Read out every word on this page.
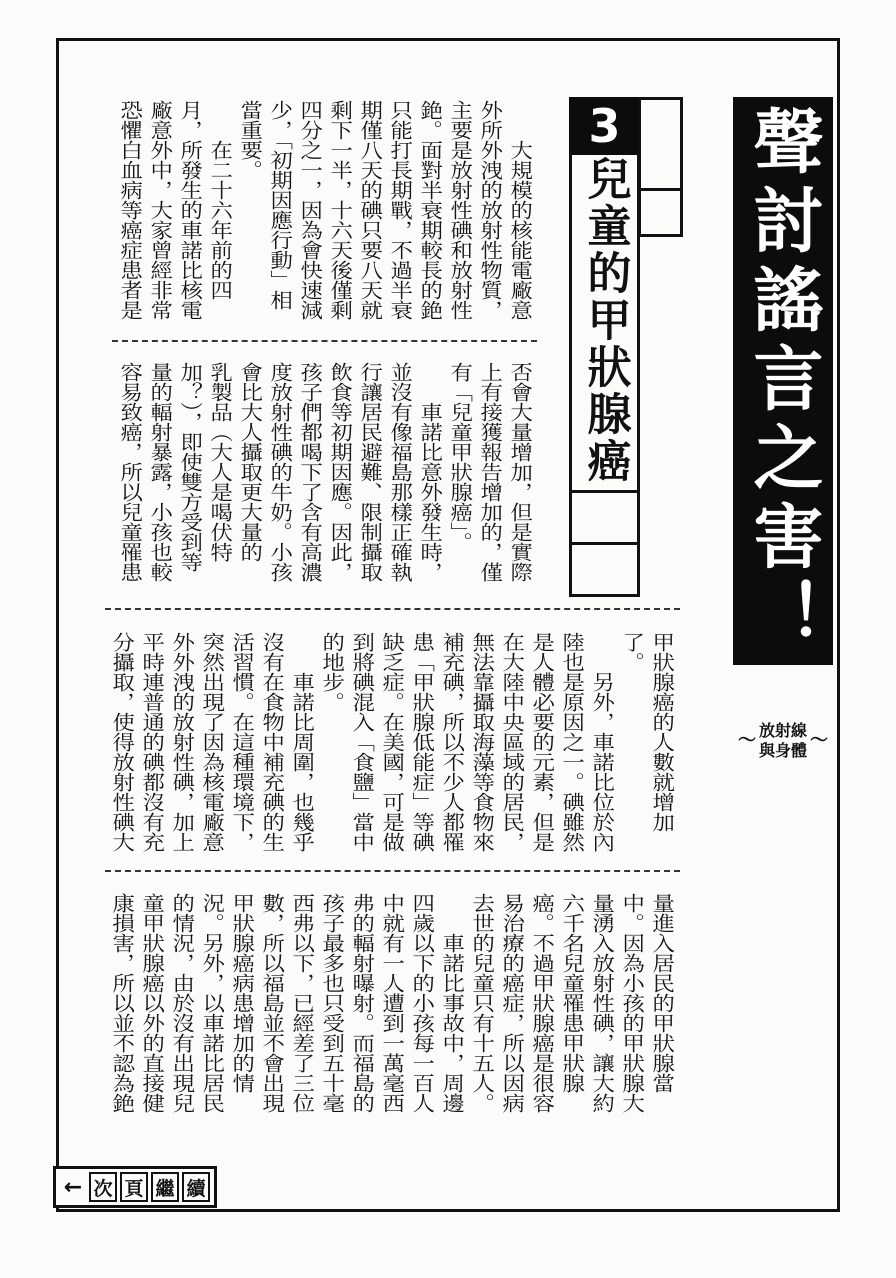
聲討謠言之害！
～ 放射線
與身體 ～
3
兒童的甲狀腺癌
大規模的核能電廠意
外所外洩的放射性物質，
主要是放射性碘和放射性
銫。面對半衰期較長的銫
只能打長期戰，不過半衰
期僅八天的碘只要八天就
剩下一半，十六天後僅剩
四分之一，因為會快速減
少，「初期因應行動」相
當重要。
在二十六年前的四
月，所發生的車諾比核電
廠意外中，大家曾經非常
恐懼白血病等癌症患者是
否會大量增加，但是實際
上有接獲報告增加的，僅
有「兒童甲狀腺癌」。
車諾比意外發生時，
並沒有像福島那樣正確執
行讓居民避難、限制攝取
飲食等初期因應。因此，
孩子們都喝下了含有高濃
度放射性碘的牛奶。小孩
會比大人攝取更大量的
乳製品（大人是喝伏特
加？），即使雙方受到等
量的輻射暴露，小孩也較
容易致癌，所以兒童罹患
甲狀腺癌的人數就增加
了。
另外，車諾比位於內
陸也是原因之一。碘雖然
是人體必要的元素，但是
在大陸中央區域的居民，
無法靠攝取海藻等食物來
補充碘，所以不少人都罹
患「甲狀腺低能症」等碘
缺乏症。在美國，可是做
到將碘混入「食鹽」當中
的地步。
車諾比周圍，也幾乎
沒有在食物中補充碘的生
活習慣。在這種環境下，
突然出現了因為核電廠意
外外洩的放射性碘，加上
平時連普通的碘都沒有充
分攝取，使得放射性碘大
量進入居民的甲狀腺當
中。因為小孩的甲狀腺大
量湧入放射性碘，讓大約
六千名兒童罹患甲狀腺
癌。不過甲狀腺癌是很容
易治療的癌症，所以因病
去世的兒童只有十五人。
車諾比事故中，周邊
四歲以下的小孩每一百人
中就有一人遭到一萬毫西
弗的輻射曝射。而福島的
孩子最多也只受到五十毫
西弗以下，已經差了三位
數，所以福島並不會出現
甲狀腺癌病患增加的情
況。另外，以車諾比居民
的情況，由於沒有出現兒
童甲狀腺癌以外的直接健
康損害，所以並不認為銫
← 次 頁 繼 續
